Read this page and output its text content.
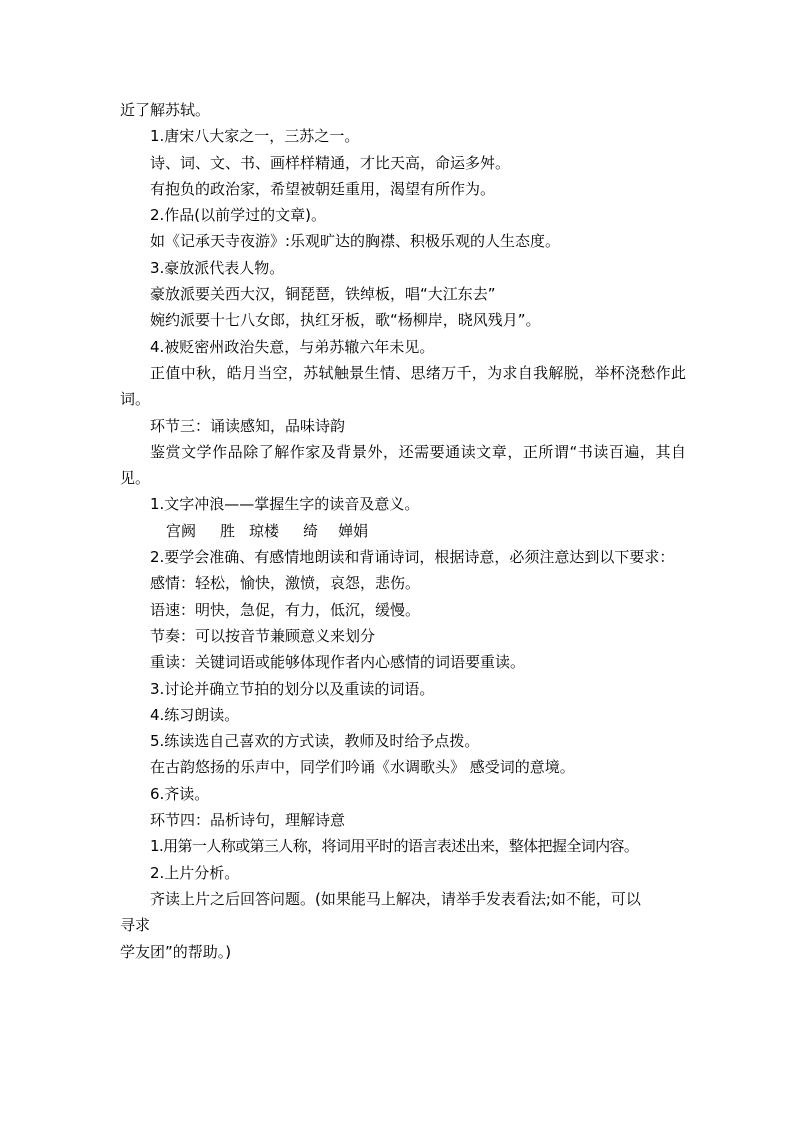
近了解苏轼。

1.唐宋八大家之一，三苏之一。

诗、词、文、书、画样样精通，才比天高，命运多舛。

有抱负的政治家，希望被朝廷重用，渴望有所作为。

2.作品(以前学过的文章)。

如《记承天寺夜游》:乐观旷达的胸襟、积极乐观的人生态度。

3.豪放派代表人物。

豪放派要关西大汉，铜琵琶，铁绰板，唱“大江东去”

婉约派要十七八女郎，执红牙板，歌“杨柳岸，晓风残月”。

4.被贬密州政治失意，与弟苏辙六年未见。

正值中秋，皓月当空，苏轼触景生情、思绪万千，为求自我解脱，举杯浇愁作此词。

环节三：诵读感知，品味诗韵

鉴赏文学作品除了解作家及背景外，还需要通读文章，正所谓“书读百遍，其自见。

1.文字冲浪——掌握生字的读音及意义。

宫阙 胜 琼楼 绮 婵娟

2.要学会准确、有感情地朗读和背诵诗词，根据诗意，必须注意达到以下要求：

感情：轻松，愉快，激愤，哀怨，悲伤。

语速：明快，急促，有力，低沉，缓慢。

节奏：可以按音节兼顾意义来划分

重读：关键词语或能够体现作者内心感情的词语要重读。

3.讨论并确立节拍的划分以及重读的词语。

4.练习朗读。

5.练读选自己喜欢的方式读，教师及时给予点拨。

在古韵悠扬的乐声中，同学们吟诵《水调歌头》 感受词的意境。

6.齐读。

环节四：品析诗句，理解诗意

1.用第一人称或第三人称，将词用平时的语言表述出来，整体把握全词内容。

2.上片分析。

齐读上片之后回答问题。(如果能马上解决，请举手发表看法;如不能，可以

寻求

学友团”的帮助。)
